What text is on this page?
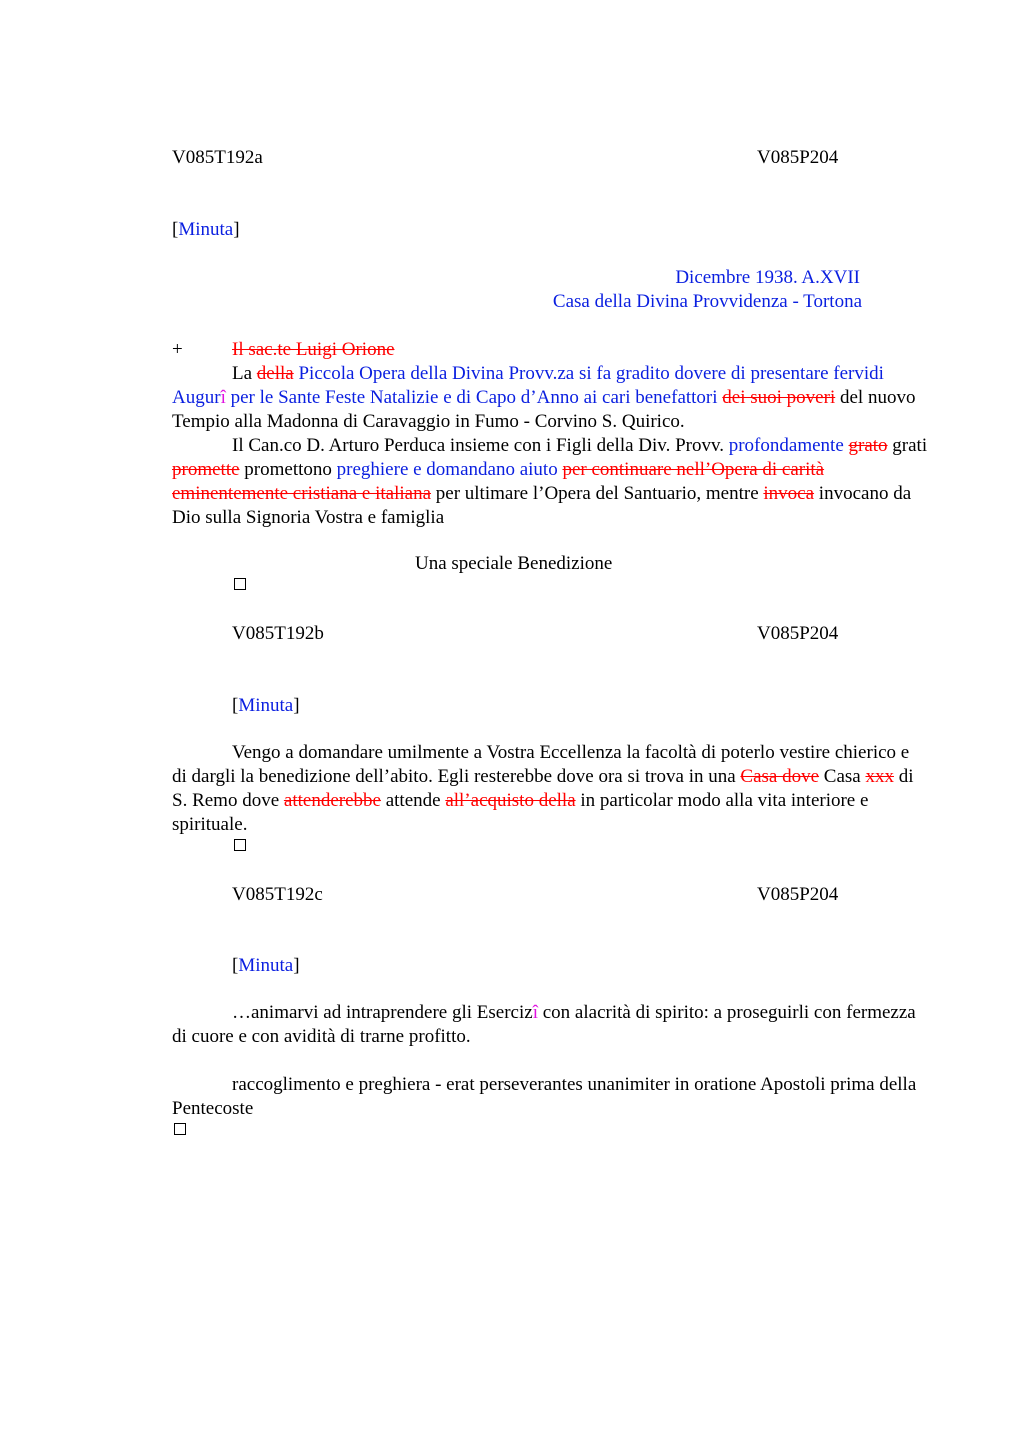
V085T192a	V085P204
[Minuta]
Dicembre 1938. A.XVII
Casa della Divina Provvidenza - Tortona
+	Il sac.te Luigi Orione
La della Piccola Opera della Divina Provv.za si fa gradito dovere di presentare fervidi Augurî per le Sante Feste Natalizie e di Capo d’Anno ai cari benefattori dei suoi poveri del nuovo Tempio alla Madonna di Caravaggio in Fumo - Corvino S. Quirico.
Il Can.co D. Arturo Perduca insieme con i Figli della Div. Provv. profondamente grato grati promette promettono preghiere e domandano aiuto per continuare nell’Opera di carità eminentemente cristiana e italiana per ultimare l’Opera del Santuario, mentre invoca invocano da Dio sulla Signoria Vostra e famiglia
Una speciale Benedizione
V085T192b	V085P204
[Minuta]
Vengo a domandare umilmente a Vostra Eccellenza la facoltà di poterlo vestire chierico e di dargli la benedizione dell’abito. Egli resterebbe dove ora si trova in una Casa dove Casa xxx di S. Remo dove attenderebbe attende all’acquisto della in particolar modo alla vita interiore e spirituale.
V085T192c	V085P204
[Minuta]
…animarvi ad intraprendere gli Esercizî con alacrità di spirito: a proseguirli con fermezza di cuore e con avidità di trarne profitto.
raccoglimento e preghiera - erat perseverantes unanimiter in oratione Apostoli prima della Pentecoste
